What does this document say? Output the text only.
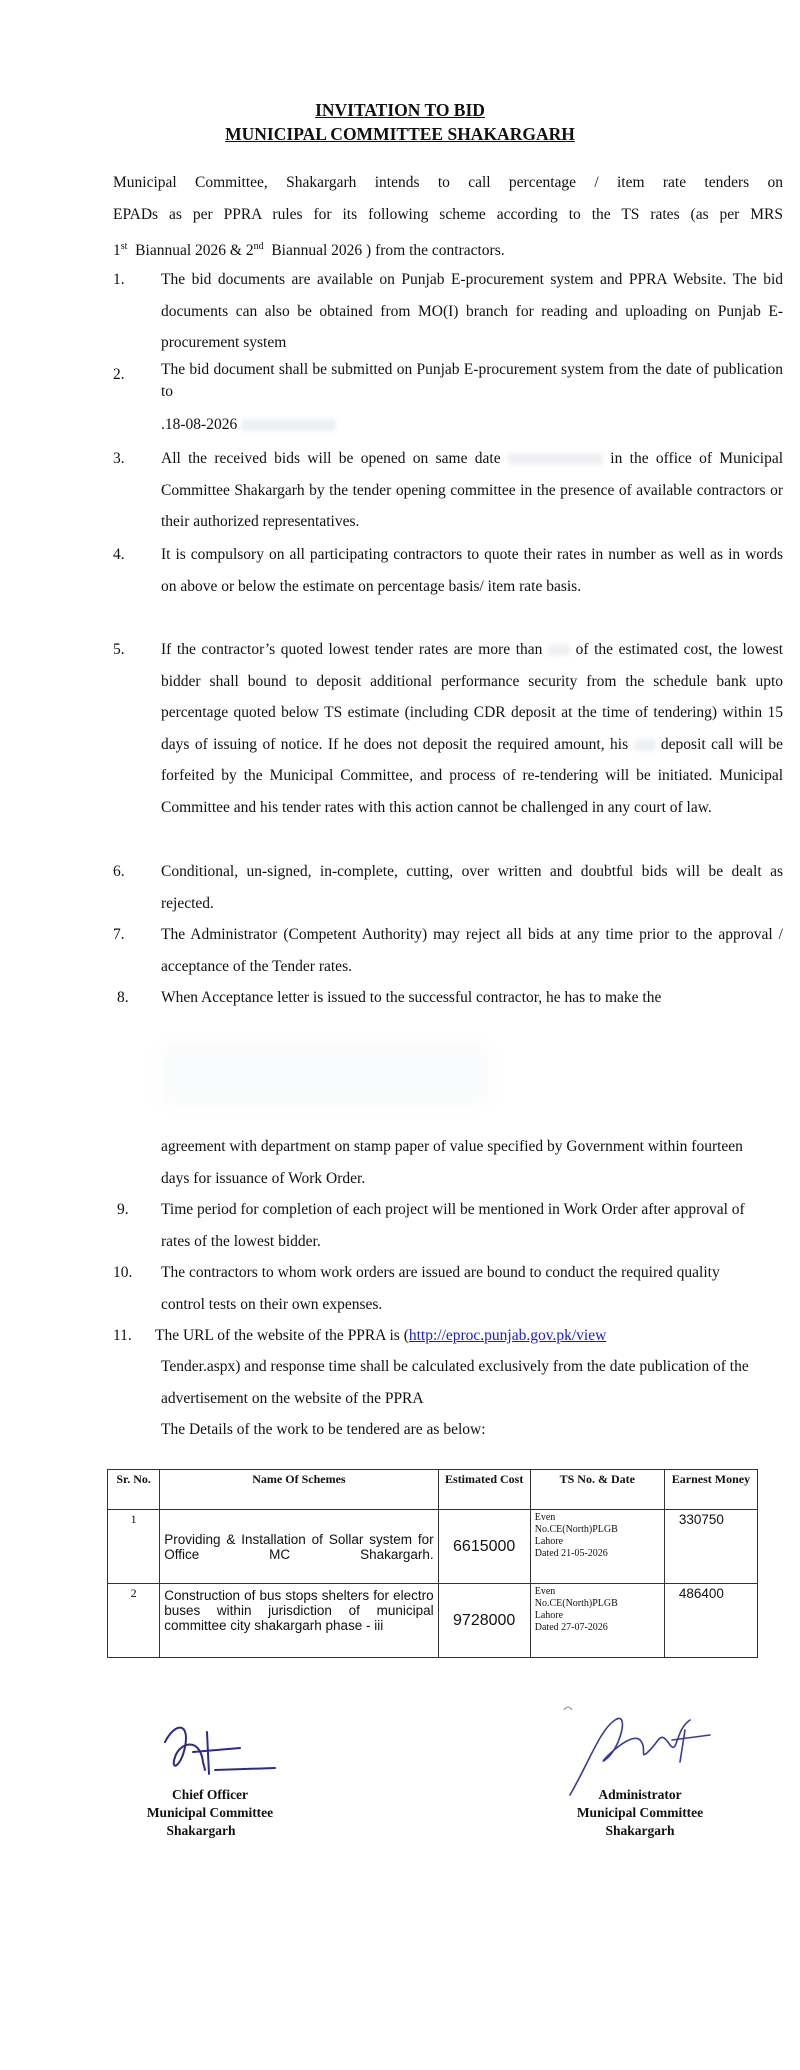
INVITATION TO BID
MUNICIPAL COMMITTEE SHAKARGARH
Municipal Committee, Shakargarh intends to call percentage / item rate tenders on
EPADs as per PPRA rules for its following scheme according to the TS rates (as per MRS
1st  Biannual 2026 & 2nd  Biannual 2026 ) from the contractors.
1. The bid documents are available on Punjab E-procurement system and PPRA Website. The bid documents can also be obtained from MO(I) branch for reading and uploading on Punjab E-procurement system
2. The bid document shall be submitted on Punjab E-procurement system from the date of publication to
.18-08-2026
3. All the received bids will be opened on same date	in the office of Municipal Committee Shakargarh by the tender opening committee in the presence of available contractors or their authorized representatives.
4. It is compulsory on all participating contractors to quote their rates in number as well as in words on above or below the estimate on percentage basis/ item rate basis.
5. If the contractor’s quoted lowest tender rates are more than of the estimated cost, the lowest bidder shall bound to deposit additional performance security from the schedule bank upto percentage quoted below TS estimate (including CDR deposit at the time of tendering) within 15 days of issuing of notice. If he does not deposit the required amount, his deposit call will be forfeited by the Municipal Committee, and process of re-tendering will be initiated. Municipal Committee and his tender rates with this action cannot be challenged in any court of law.
6. Conditional, un-signed, in-complete, cutting, over written and doubtful bids will be dealt as rejected.
7. The Administrator (Competent Authority) may reject all bids at any time prior to the approval / acceptance of the Tender rates.
8. When Acceptance letter is issued to the successful contractor, he has to make the
agreement with department on stamp paper of value specified by Government within fourteen days for issuance of Work Order.
9. Time period for completion of each project will be mentioned in Work Order after approval of rates of the lowest bidder.
10. The contractors to whom work orders are issued are bound to conduct the required quality control tests on their own expenses.
11. The URL of the website of the PPRA is (http://eproc.punjab.gov.pk/view
Tender.aspx) and response time shall be calculated exclusively from the date publication of the advertisement on the website of the PPRA
The Details of the work to be tendered are as below:
Sr. No.	Name Of Schemes	Estimated Cost	TS No. & Date	Earnest Money
1	Providing & Installation of Sollar system for Office MC Shakargarh.	6615000	Even
No.CE(North)PLGB
Lahore
Dated 21-05-2026	330750
2	Construction of bus stops shelters for electro buses within jurisdiction of municipal committee city shakargarh phase - iii	9728000	Even
No.CE(North)PLGB
Lahore
Dated 27-07-2026	486400
Chief Officer
Municipal Committee
Shakargarh
Administrator
Municipal Committee
Shakargarh
